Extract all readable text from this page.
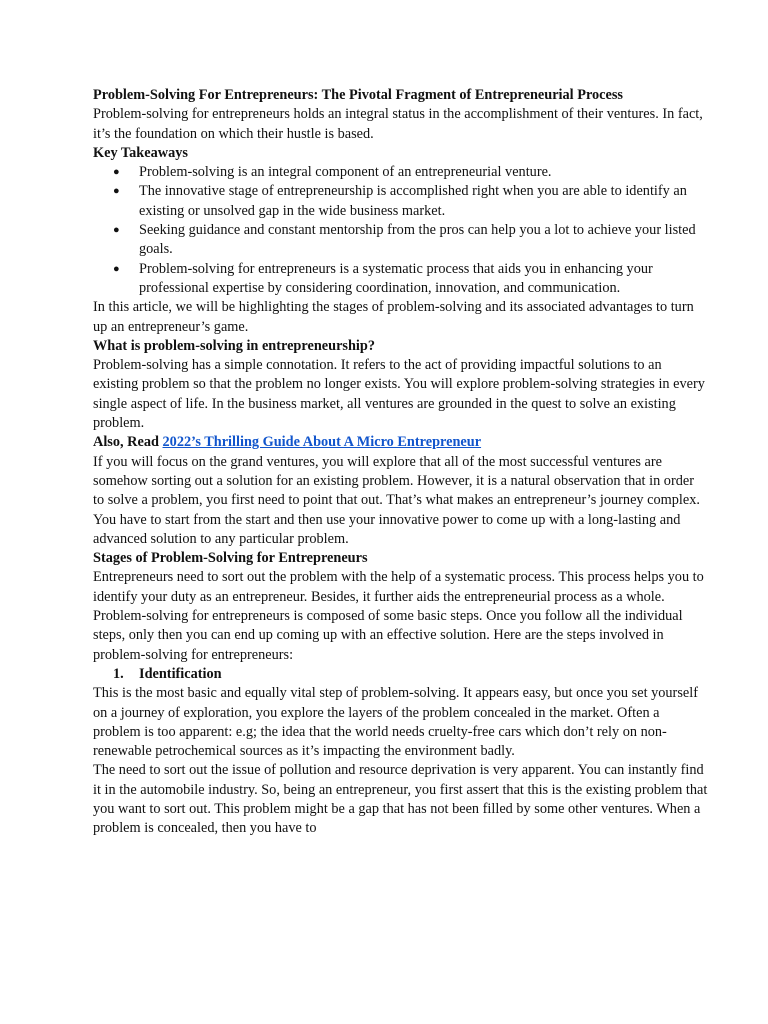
Problem-Solving For Entrepreneurs: The Pivotal Fragment of Entrepreneurial Process

Problem-solving for entrepreneurs holds an integral status in the accomplishment of their ventures. In fact, it’s the foundation on which their hustle is based.

Key Takeaways

● Problem-solving is an integral component of an entrepreneurial venture.
● The innovative stage of entrepreneurship is accomplished right when you are able to identify an existing or unsolved gap in the wide business market.
● Seeking guidance and constant mentorship from the pros can help you a lot to achieve your listed goals.
● Problem-solving for entrepreneurs is a systematic process that aids you in enhancing your professional expertise by considering coordination, innovation, and communication.

In this article, we will be highlighting the stages of problem-solving and its associated advantages to turn up an entrepreneur’s game.

What is problem-solving in entrepreneurship?

Problem-solving has a simple connotation. It refers to the act of providing impactful solutions to an existing problem so that the problem no longer exists. You will explore problem-solving strategies in every single aspect of life. In the business market, all ventures are grounded in the quest to solve an existing problem.

Also, Read 2022’s Thrilling Guide About A Micro Entrepreneur

If you will focus on the grand ventures, you will explore that all of the most successful ventures are somehow sorting out a solution for an existing problem. However, it is a natural observation that in order to solve a problem, you first need to point that out. That’s what makes an entrepreneur’s journey complex. You have to start from the start and then use your innovative power to come up with a long-lasting and advanced solution to any particular problem.

Stages of Problem-Solving for Entrepreneurs

Entrepreneurs need to sort out the problem with the help of a systematic process. This process helps you to identify your duty as an entrepreneur. Besides, it further aids the entrepreneurial process as a whole.

Problem-solving for entrepreneurs is composed of some basic steps. Once you follow all the individual steps, only then you can end up coming up with an effective solution. Here are the steps involved in problem-solving for entrepreneurs:

1. Identification

This is the most basic and equally vital step of problem-solving. It appears easy, but once you set yourself on a journey of exploration, you explore the layers of the problem concealed in the market. Often a problem is too apparent: e.g; the idea that the world needs cruelty-free cars which don’t rely on non-renewable petrochemical sources as it’s impacting the environment badly.

The need to sort out the issue of pollution and resource deprivation is very apparent. You can instantly find it in the automobile industry. So, being an entrepreneur, you first assert that this is the existing problem that you want to sort out. This problem might be a gap that has not been filled by some other ventures. When a problem is concealed, then you have to
